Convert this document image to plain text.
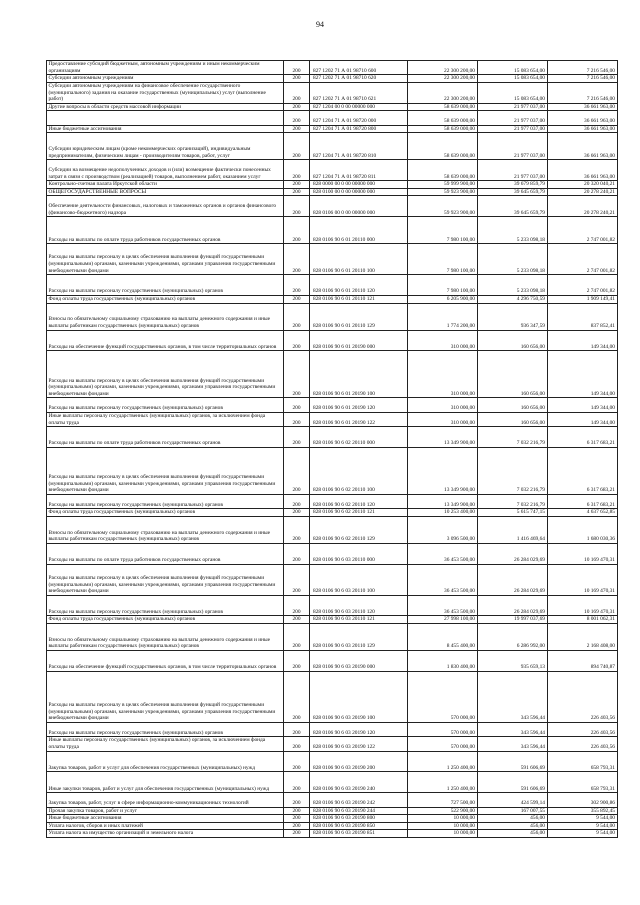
94
Предоставление субсидий бюджетным, автономным учреждениям и иным некоммерческим организациям	200	827 1202 71 А 01 98710 600	22 300 200,00	15 083 654,00	7 216 546,00
Субсидии автономным учреждениям	200	827 1202 71 А 01 98710 620	22 300 200,00	15 083 654,00	7 216 546,00
Субсидии автономным учреждениям на финансовое обеспечение государственного (муниципального) задания на оказание государственных (муниципальных) услуг (выполнение работ)	200	827 1202 71 А 01 98710 621	22 300 200,00	15 083 654,00	7 216 546,00
Другие вопросы в области средств массовой информации	200	827 1204 00 0 00 00000 000	58 639 000,00	21 977 037,00	36 661 963,00
	200	827 1204 71 А 01 98720 000	58 639 000,00	21 977 037,00	36 661 963,00
Иные бюджетные ассигнования	200	827 1204 71 А 01 98720 800	58 639 000,00	21 977 037,00	36 661 963,00
Субсидии юридическим лицам (кроме некоммерческих организаций), индивидуальным предпринимателям, физическим лицам - производителям товаров, работ, услуг	200	827 1204 71 А 01 98720 810	58 639 000,00	21 977 037,00	36 661 963,00
Субсидии на возмещение недополученных доходов и (или) возмещение фактически понесенных затрат в связи с производством (реализацией) товаров, выполнением работ, оказанием услуг	200	827 1204 71 А 01 98720 811	58 639 000,00	21 977 037,00	36 661 963,00
Контрольно-счетная палата Иркутской области	200	828 0000 00 0 00 00000 000	59 999 900,00	39 679 859,79	20 320 040,21
ОБЩЕГОСУДАРСТВЕННЫЕ ВОПРОСЫ	200	828 0100 00 0 00 00000 000	59 923 900,00	39 645 659,79	20 278 240,21
Обеспечение деятельности финансовых, налоговых и таможенных органов и органов финансового (финансово-бюджетного) надзора	200	828 0106 00 0 00 00000 000	59 923 900,00	39 645 659,79	20 278 240,21
Расходы на выплаты по оплате труда работников государственных органов	200	828 0106 90 6 01 20110 000	7 980 100,00	5 233 098,18	2 747 001,82
Расходы на выплаты персоналу в целях обеспечения выполнения функций государственными (муниципальными) органами, казенными учреждениями, органами управления государственными внебюджетными фондами	200	828 0106 90 6 01 20110 100	7 980 100,00	5 233 098,18	2 747 001,82
Расходы на выплаты персоналу государственных (муниципальных) органов	200	828 0106 90 6 01 20110 120	7 980 100,00	5 233 098,18	2 747 001,82
Фонд оплаты труда государственных (муниципальных) органов	200	828 0106 90 6 01 20110 121	6 205 900,00	4 296 750,59	1 909 149,41
Взносы по обязательному социальному страхованию на выплаты денежного содержания и иные выплаты работникам государственных (муниципальных) органов	200	828 0106 90 6 01 20110 129	1 774 200,00	936 347,59	837 852,41
Расходы на обеспечение функций государственных органов, в том числе территориальных органов	200	828 0106 90 6 01 20190 000	310 000,00	160 656,00	149 344,00
Расходы на выплаты персоналу в целях обеспечения выполнения функций государственными (муниципальными) органами, казенными учреждениями, органами управления государственными внебюджетными фондами	200	828 0106 90 6 01 20190 100	310 000,00	160 656,00	149 344,00
Расходы на выплаты персоналу государственных (муниципальных) органов	200	828 0106 90 6 01 20190 120	310 000,00	160 656,00	149 344,00
Иные выплаты персоналу государственных (муниципальных) органов, за исключением фонда оплаты труда	200	828 0106 90 6 01 20190 122	310 000,00	160 656,00	149 344,00
Расходы на выплаты по оплате труда работников государственных органов	200	828 0106 90 6 02 20110 000	13 349 900,00	7 032 216,79	6 317 683,21
Расходы на выплаты персоналу в целях обеспечения выполнения функций государственными (муниципальными) органами, казенными учреждениями, органами управления государственными внебюджетными фондами	200	828 0106 90 6 02 20110 100	13 349 900,00	7 032 216,79	6 317 683,21
Расходы на выплаты персоналу государственных (муниципальных) органов	200	828 0106 90 6 02 20110 120	13 349 900,00	7 032 216,79	6 317 683,21
Фонд оплаты труда государственных (муниципальных) органов	200	828 0106 90 6 02 20110 121	10 253 400,00	5 615 747,15	4 637 652,85
Взносы по обязательному социальному страхованию на выплаты денежного содержания и иные выплаты работникам государственных (муниципальных) органов	200	828 0106 90 6 02 20110 129	3 096 500,00	1 416 469,64	1 680 030,36
Расходы на выплаты по оплате труда работников государственных органов	200	828 0106 90 6 03 20110 000	36 453 500,00	26 284 029,69	10 169 470,31
Расходы на выплаты персоналу в целях обеспечения выполнения функций государственными (муниципальными) органами, казенными учреждениями, органами управления государственными внебюджетными фондами	200	828 0106 90 6 03 20110 100	36 453 500,00	26 284 029,69	10 169 470,31
Расходы на выплаты персоналу государственных (муниципальных) органов	200	828 0106 90 6 03 20110 120	36 453 500,00	26 284 029,69	10 169 470,31
Фонд оплаты труда государственных (муниципальных) органов	200	828 0106 90 6 03 20110 121	27 998 100,00	19 997 037,69	8 001 062,31
Взносы по обязательному социальному страхованию на выплаты денежного содержания и иные выплаты работникам государственных (муниципальных) органов	200	828 0106 90 6 03 20110 129	8 455 400,00	6 286 992,00	2 168 408,00
Расходы на обеспечение функций государственных органов, в том числе территориальных органов	200	828 0106 90 6 03 20190 000	1 830 400,00	935 659,13	894 740,87
Расходы на выплаты персоналу в целях обеспечения выполнения функций государственными (муниципальными) органами, казенными учреждениями, органами управления государственными внебюджетными фондами	200	828 0106 90 6 03 20190 100	570 000,00	343 596,44	226 403,56
Расходы на выплаты персоналу государственных (муниципальных) органов	200	828 0106 90 6 03 20190 120	570 000,00	343 596,44	226 403,56
Иные выплаты персоналу государственных (муниципальных) органов, за исключением фонда оплаты труда	200	828 0106 90 6 03 20190 122	570 000,00	343 596,44	226 403,56
Закупка товаров, работ и услуг для обеспечения государственных (муниципальных) нужд	200	828 0106 90 6 03 20190 200	1 250 400,00	591 606,69	658 793,31
Иные закупки товаров, работ и услуг для обеспечения государственных (муниципальных) нужд	200	828 0106 90 6 03 20190 240	1 250 400,00	591 606,69	658 793,31
Закупка товаров, работ, услуг в сфере информационно-коммуникационных технологий	200	828 0106 90 6 03 20190 242	727 500,00	424 599,14	302 900,86
Прочая закупка товаров, работ и услуг	200	828 0106 90 6 03 20190 244	522 900,00	167 007,55	355 892,45
Иные бюджетные ассигнования	200	828 0106 90 6 03 20190 800	10 000,00	456,00	9 544,00
Уплата налогов, сборов и иных платежей	200	828 0106 90 6 03 20190 850	10 000,00	456,00	9 544,00
Уплата налога на имущество организаций и земельного налога	200	828 0106 90 6 03 20190 851	10 000,00	456,00	9 544,00
